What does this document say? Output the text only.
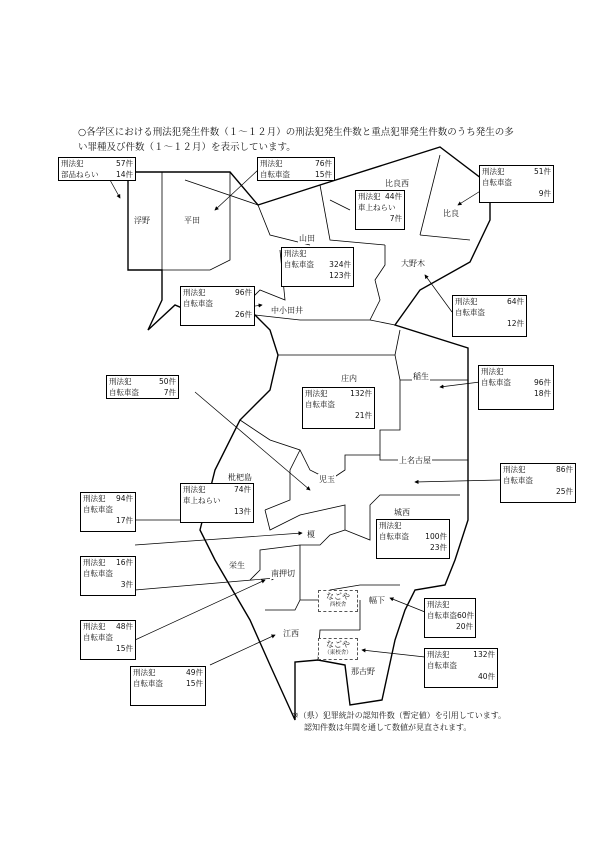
○各学区における刑法犯発生件数（１～１２月）の刑法犯発生件数と重点犯罪発生件数のうち発生の多
い罪種及び件数（１～１２月）を表示しています。
浮野	平田
比良西
比良
山田
大野木
中小田井
庄内	稲生
上名古屋
枇杷島	児玉
城西
榎
栄生
南押切
幅下
江西
那古野
なごや
西校舎
なごや
（東校舎）
刑法犯	57件
部品ねらい 14件
刑法犯	76件
自転車盗	15件
刑法犯 44件
車上ねらい
7件
刑法犯	51件
自転車盗
9件
刑法犯
自転車盗 324件
123件
刑法犯	96件
自転車盗
26件
刑法犯	64件
自転車盗
12件
刑法犯
自転車盗	96件
18件
刑法犯	50件
自転車盗	7件	刑法犯	132件
自転車盗
21件
刑法犯	86件
自転車盗
25件
刑法犯	74件
車上ねらい
13件
刑法犯 94件
自転車盗
17件
刑法犯
自転車盗 100件
23件
刑法犯 16件
自転車盗
3件
刑法犯
自転車盗 60件
20件
刑法犯 48件
自転車盗
15件
刑法犯	132件
自転車盗
40件
刑法犯	49件
自転車盗	15件
※（県）犯罪統計の認知件数（暫定値）を引用しています。
認知件数は年間を通して数値が見直されます。
